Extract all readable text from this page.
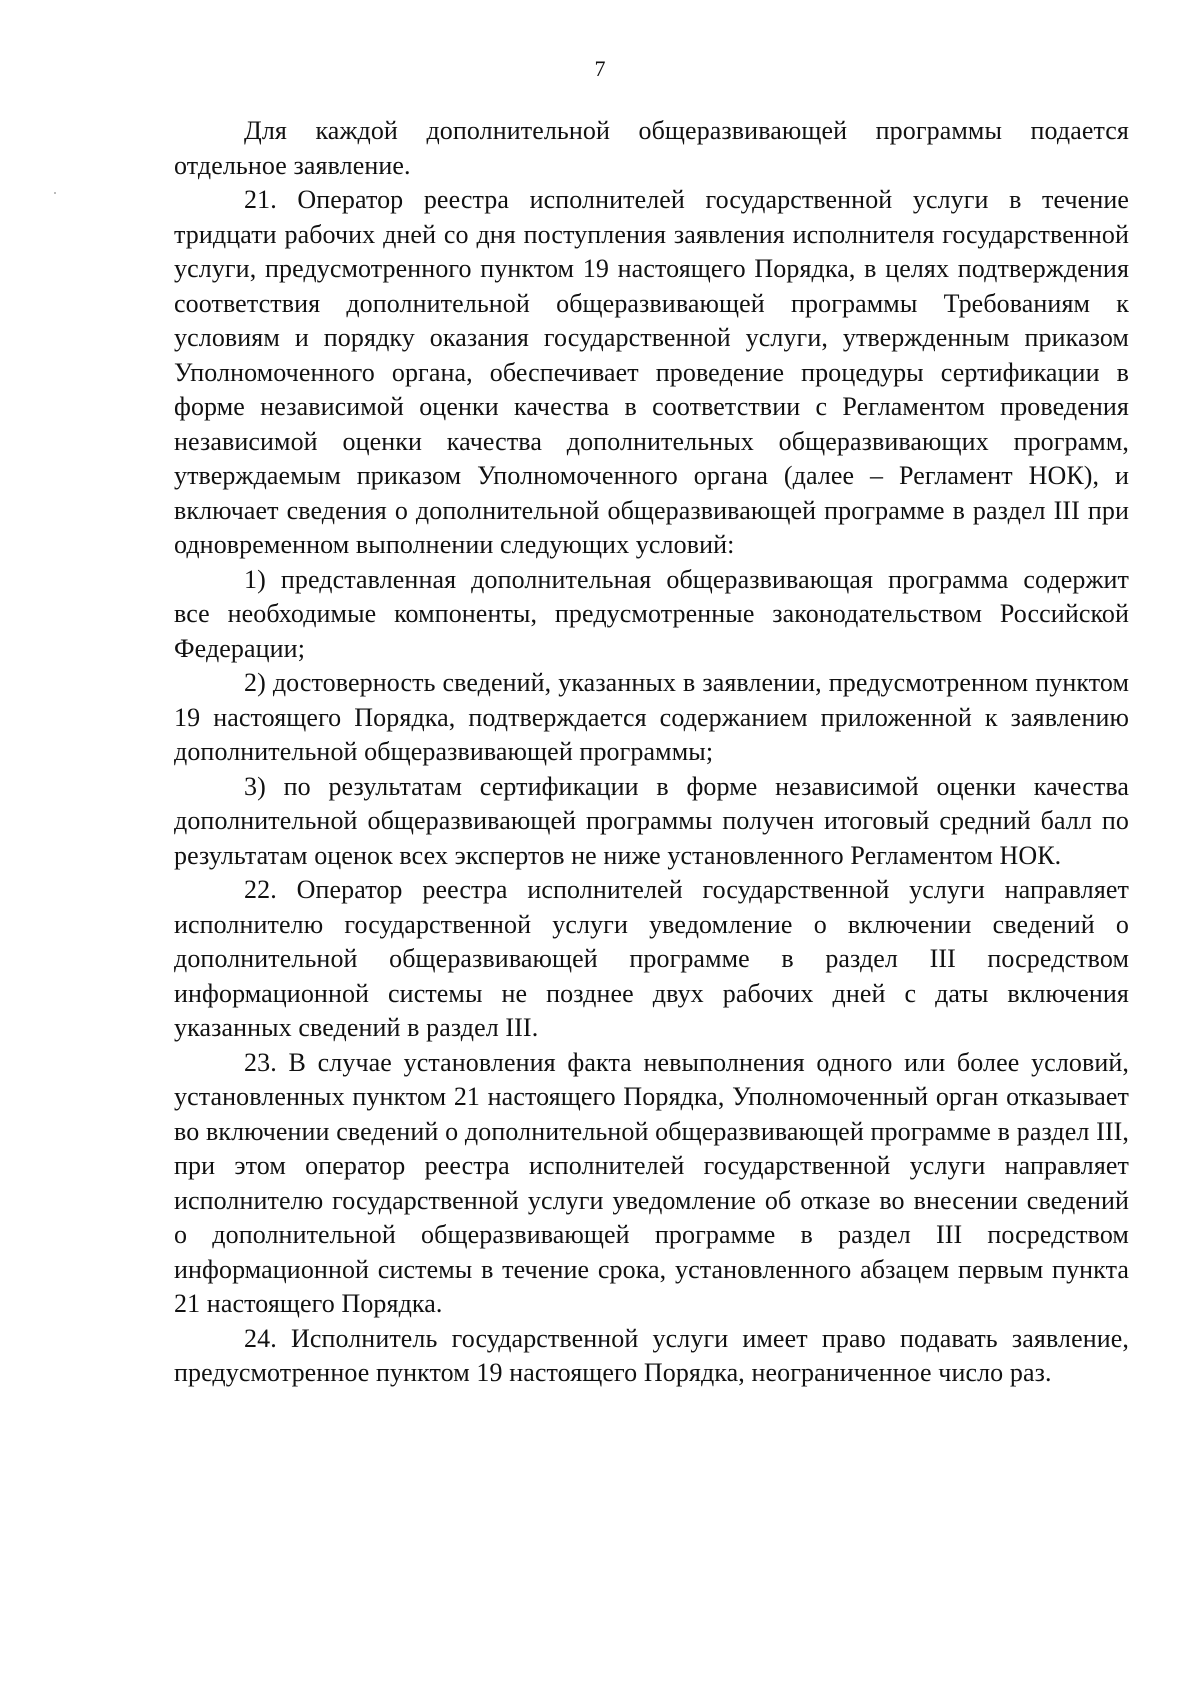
7

Для каждой дополнительной общеразвивающей программы подается отдельное заявление.

21. Оператор реестра исполнителей государственной услуги в течение тридцати рабочих дней со дня поступления заявления исполнителя государственной услуги, предусмотренного пунктом 19 настоящего Порядка, в целях подтверждения соответствия дополнительной общеразвивающей программы Требованиям к условиям и порядку оказания государственной услуги, утвержденным приказом Уполномоченного органа, обеспечивает проведение процедуры сертификации в форме независимой оценки качества в соответствии с Регламентом проведения независимой оценки качества дополнительных общеразвивающих программ, утверждаемым приказом Уполномоченного органа (далее – Регламент НОК), и включает сведения о дополнительной общеразвивающей программе в раздел III при одновременном выполнении следующих условий:

1) представленная дополнительная общеразвивающая программа содержит все необходимые компоненты, предусмотренные законодательством Российской Федерации;

2) достоверность сведений, указанных в заявлении, предусмотренном пунктом 19 настоящего Порядка, подтверждается содержанием приложенной к заявлению дополнительной общеразвивающей программы;

3) по результатам сертификации в форме независимой оценки качества дополнительной общеразвивающей программы получен итоговый средний балл по результатам оценок всех экспертов не ниже установленного Регламентом НОК.

22. Оператор реестра исполнителей государственной услуги направляет исполнителю государственной услуги уведомление о включении сведений о дополнительной общеразвивающей программе в раздел III посредством информационной системы не позднее двух рабочих дней с даты включения указанных сведений в раздел III.

23. В случае установления факта невыполнения одного или более условий, установленных пунктом 21 настоящего Порядка, Уполномоченный орган отказывает во включении сведений о дополнительной общеразвивающей программе в раздел III, при этом оператор реестра исполнителей государственной услуги направляет исполнителю государственной услуги уведомление об отказе во внесении сведений о дополнительной общеразвивающей программе в раздел III посредством информационной системы в течение срока, установленного абзацем первым пункта 21 настоящего Порядка.

24. Исполнитель государственной услуги имеет право подавать заявление, предусмотренное пунктом 19 настоящего Порядка, неограниченное число раз.
